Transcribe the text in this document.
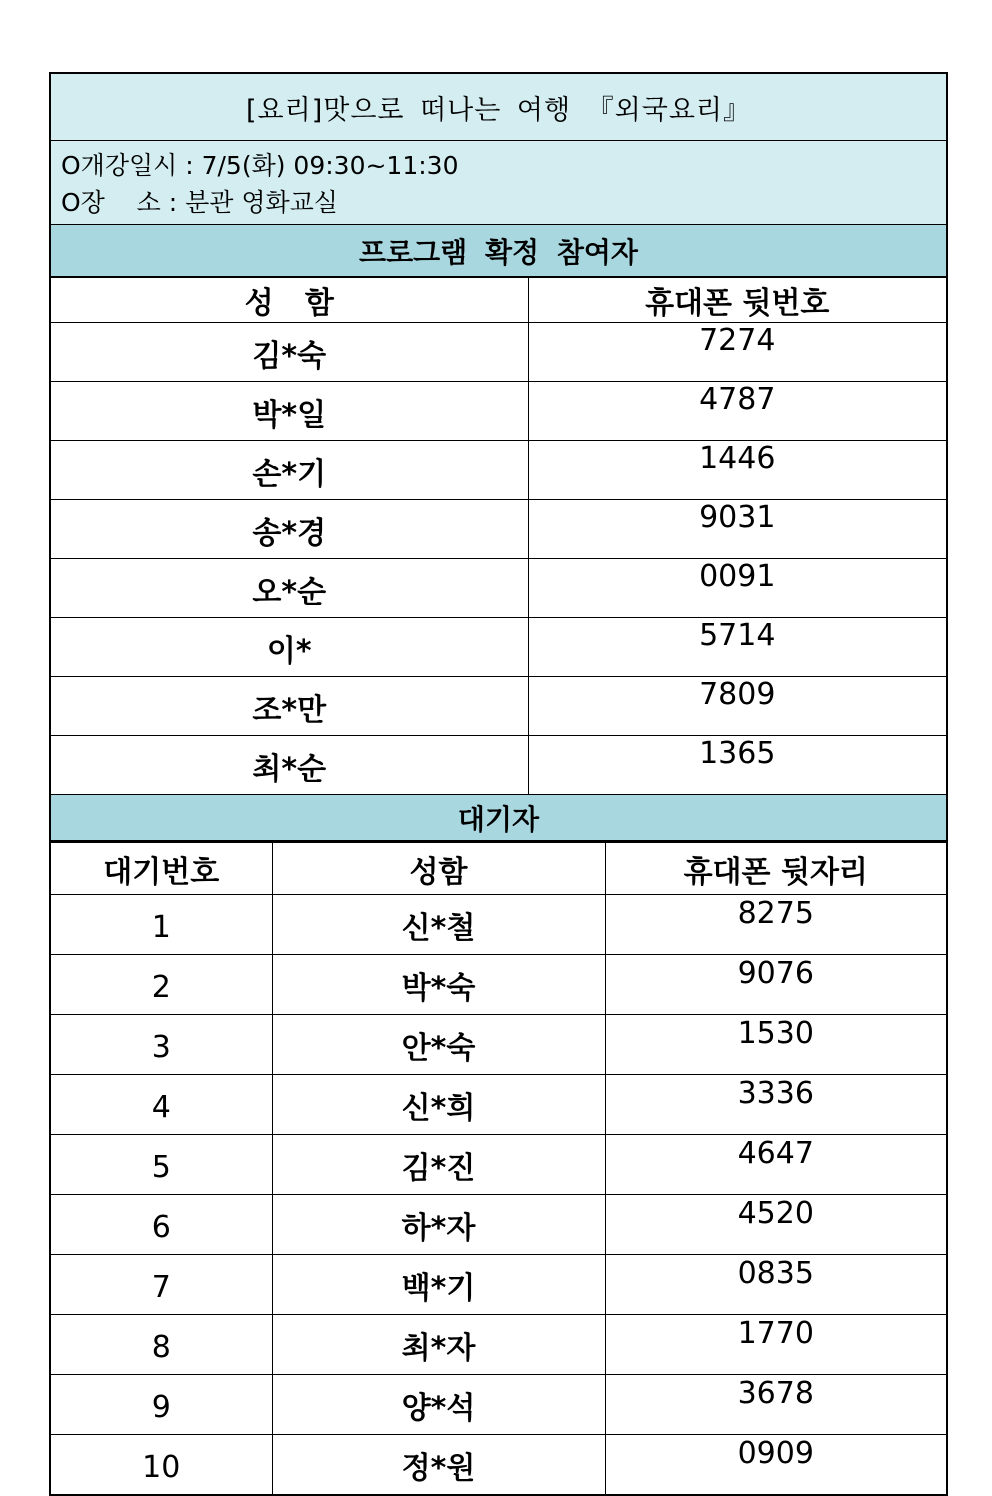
[요리]맛으로 떠나는 여행 『외국요리』
O개강일시 : 7/5(화) 09:30~11:30
O장    소 : 분관 영화교실
프로그램 확정 참여자
성   함	휴대폰 뒷번호
김*숙	7274
박*일	4787
손*기	1446
송*경	9031
오*순	0091
이*	5714
조*만	7809
최*순	1365
대기자
대기번호	성함	휴대폰 뒷자리
1	신*철	8275
2	박*숙	9076
3	안*숙	1530
4	신*희	3336
5	김*진	4647
6	하*자	4520
7	백*기	0835
8	최*자	1770
9	양*석	3678
10	정*원	0909
